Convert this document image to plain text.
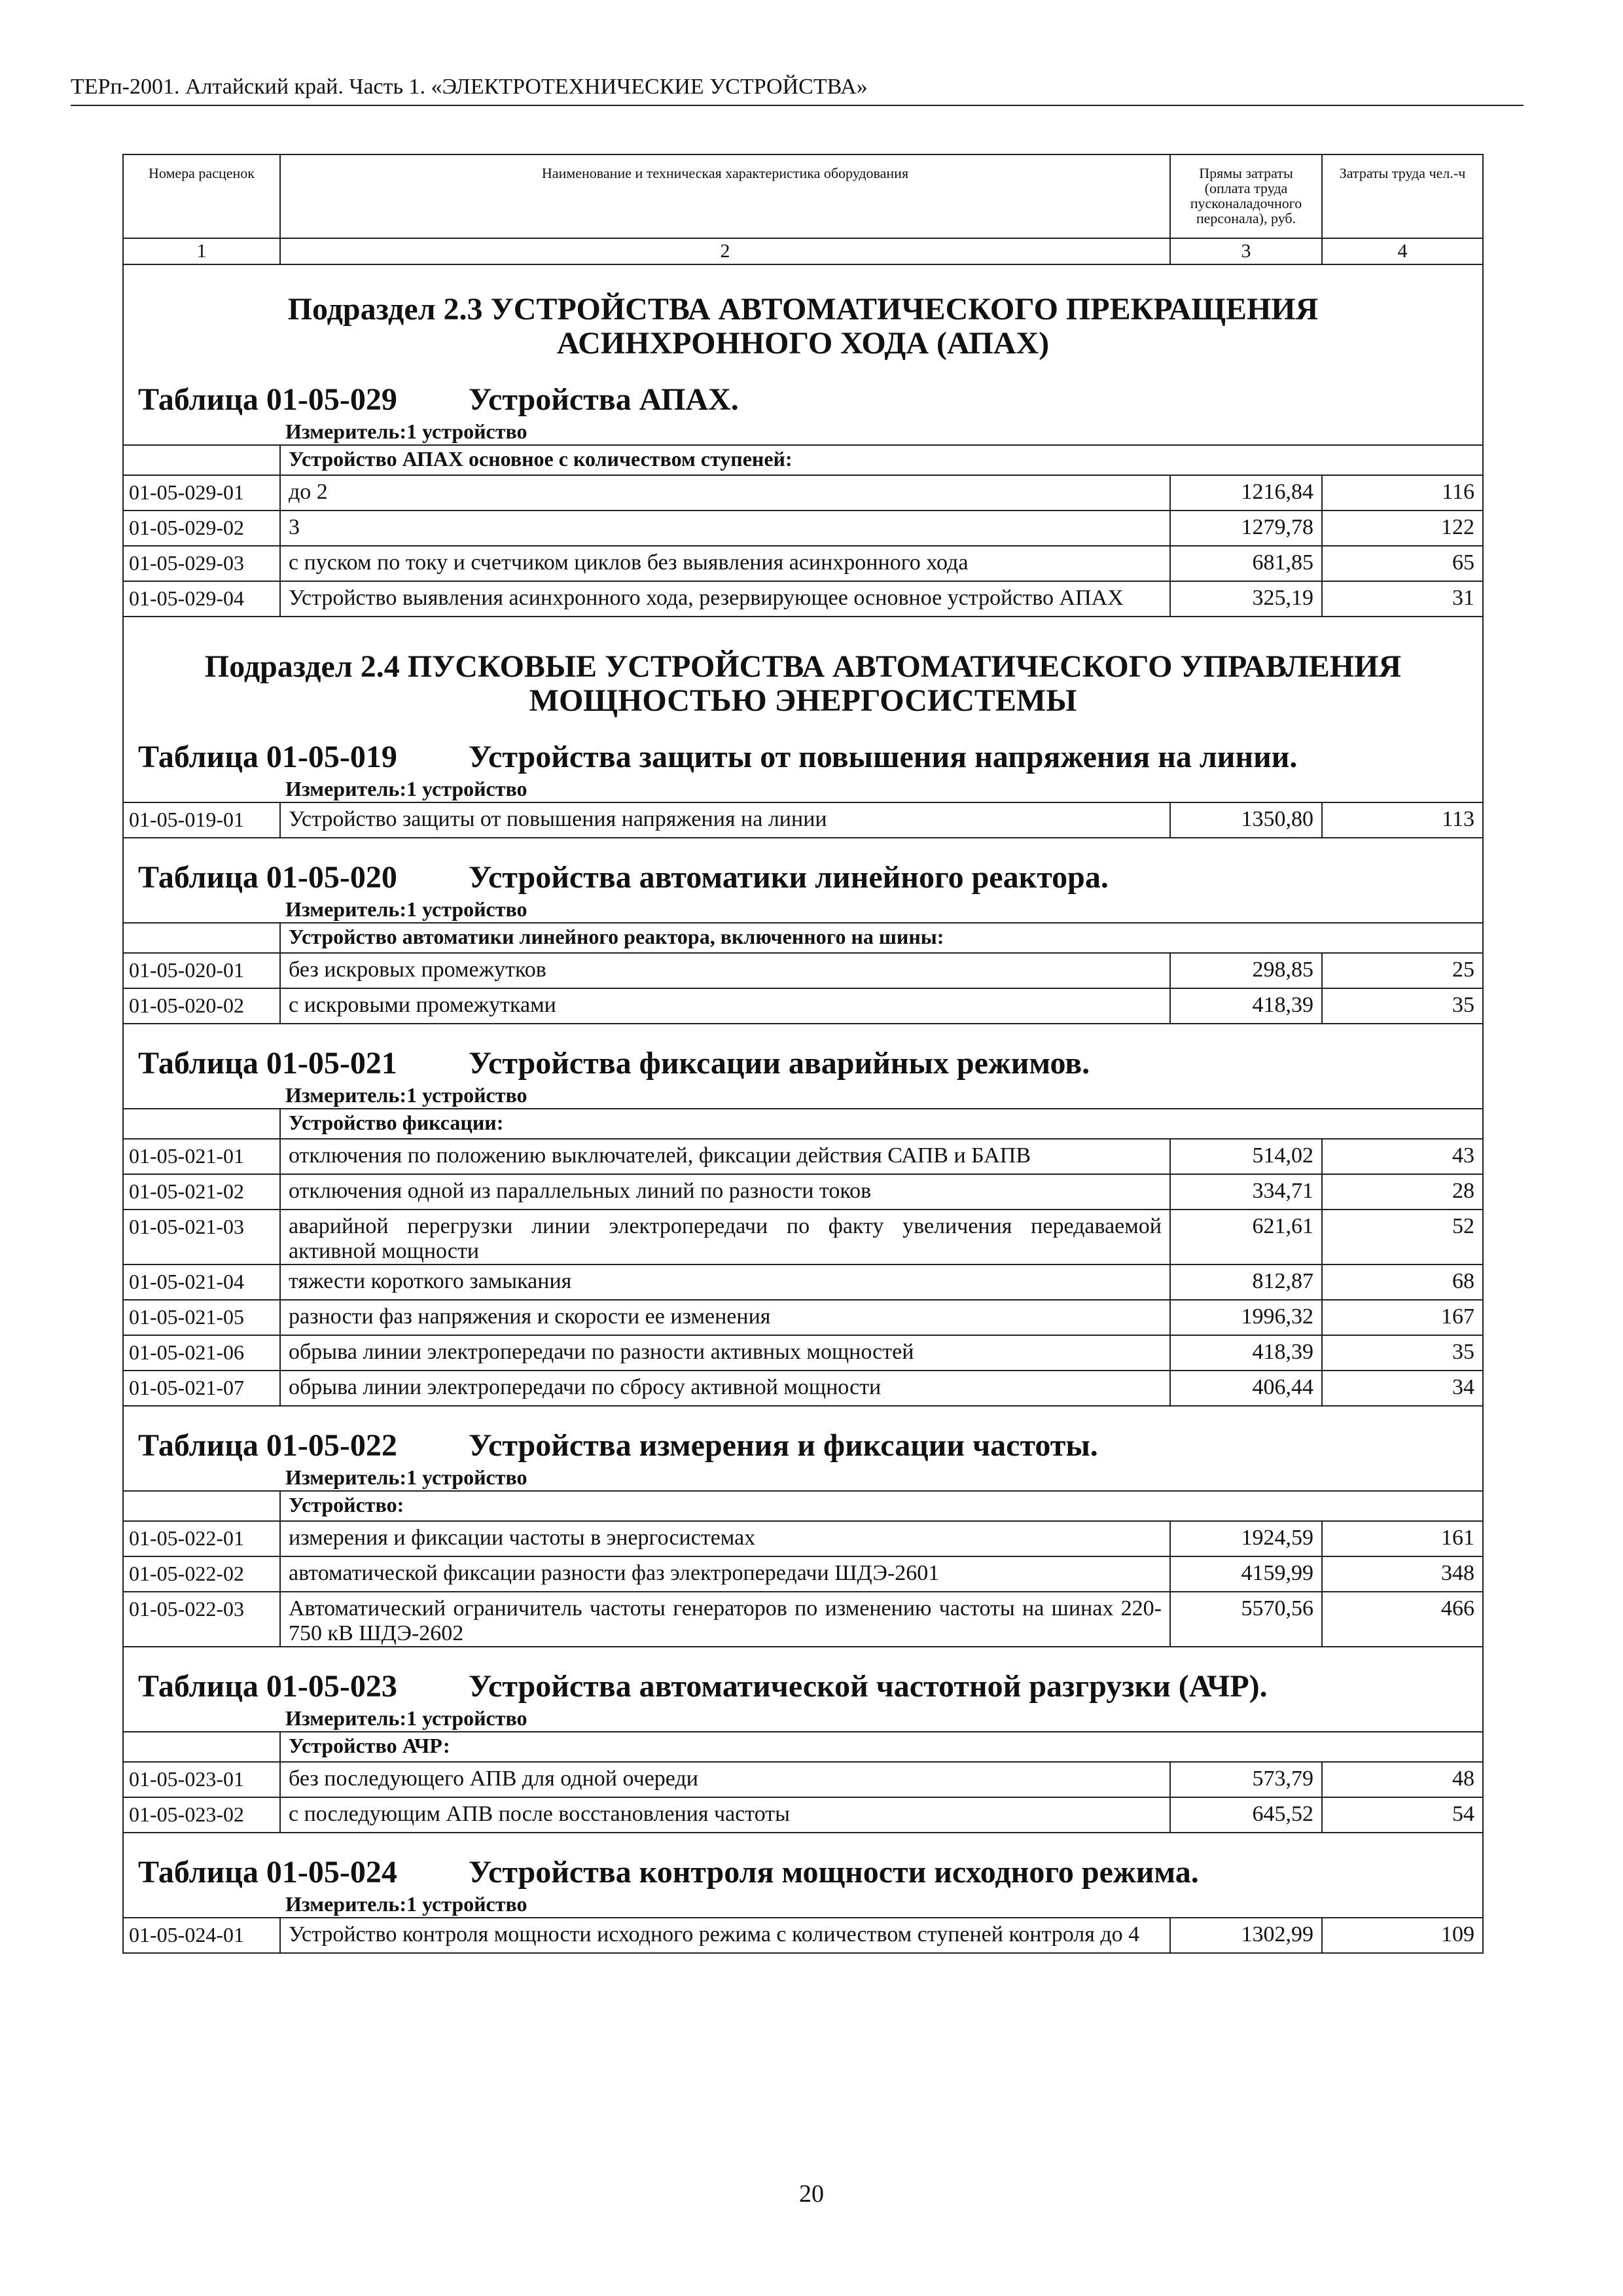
ТЕРп-2001. Алтайский край. Часть 1. «ЭЛЕКТРОТЕХНИЧЕСКИЕ УСТРОЙСТВА»
Номера расценок	Наименование и техническая характеристика оборудования	Прямы затраты (оплата труда пусконаладочного персонала), руб.	Затраты труда чел.-ч
1	2	3	4

Подраздел 2.3 УСТРОЙСТВА АВТОМАТИЧЕСКОГО ПРЕКРАЩЕНИЯ АСИНХРОННОГО ХОДА (АПАХ)
Таблица 01-05-029 Устройства АПАХ.
Измеритель:1 устройство			

	Устройство АПАХ основное с количеством ступеней:		
01-05-029-01	до 2	1216,84	116
01-05-029-02	3	1279,78	122
01-05-029-03	с пуском по току и счетчиком циклов без выявления асинхронного хода	681,85	65
01-05-029-04	Устройство выявления асинхронного хода, резервирующее основное устройство АПАХ	325,19	31

Подраздел 2.4 ПУСКОВЫЕ УСТРОЙСТВА АВТОМАТИЧЕСКОГО УПРАВЛЕНИЯ МОЩНОСТЬЮ ЭНЕРГОСИСТЕМЫ
Таблица 01-05-019 Устройства защиты от повышения напряжения на линии.
Измеритель:1 устройство			

01-05-019-01	Устройство защиты от повышения напряжения на линии	1350,80	113

Таблица 01-05-020 Устройства автоматики линейного реактора.
Измеритель:1 устройство			

	Устройство автоматики линейного реактора, включенного на шины:		
01-05-020-01	без искровых промежутков	298,85	25
01-05-020-02	с искровыми промежутками	418,39	35

Таблица 01-05-021 Устройства фиксации аварийных режимов.
Измеритель:1 устройство			

	Устройство фиксации:		
01-05-021-01	отключения по положению выключателей, фиксации действия САПВ и БАПВ	514,02	43
01-05-021-02	отключения одной из параллельных линий по разности токов	334,71	28
01-05-021-03	аварийной перегрузки линии электропередачи по факту увеличения передаваемой активной мощности	621,61	52
01-05-021-04	тяжести короткого замыкания	812,87	68
01-05-021-05	разности фаз напряжения и скорости ее изменения	1996,32	167
01-05-021-06	обрыва линии электропередачи по разности активных мощностей	418,39	35
01-05-021-07	обрыва линии электропередачи по сбросу активной мощности	406,44	34

Таблица 01-05-022 Устройства измерения и фиксации частоты.
Измеритель:1 устройство			

	Устройство:		
01-05-022-01	измерения и фиксации частоты в энергосистемах	1924,59	161
01-05-022-02	автоматической фиксации разности фаз электропередачи ШДЭ-2601	4159,99	348
01-05-022-03	Автоматический ограничитель частоты генераторов по изменению частоты на шинах 220-750 кВ ШДЭ-2602	5570,56	466

Таблица 01-05-023 Устройства автоматической частотной разгрузки (АЧР).
Измеритель:1 устройство			

	Устройство АЧР:		
01-05-023-01	без последующего АПВ для одной очереди	573,79	48
01-05-023-02	с последующим АПВ после восстановления частоты	645,52	54

Таблица 01-05-024 Устройства контроля мощности исходного режима.
Измеритель:1 устройство			

01-05-024-01	Устройство контроля мощности исходного режима с количеством ступеней контроля до 4	1302,99	109
20
